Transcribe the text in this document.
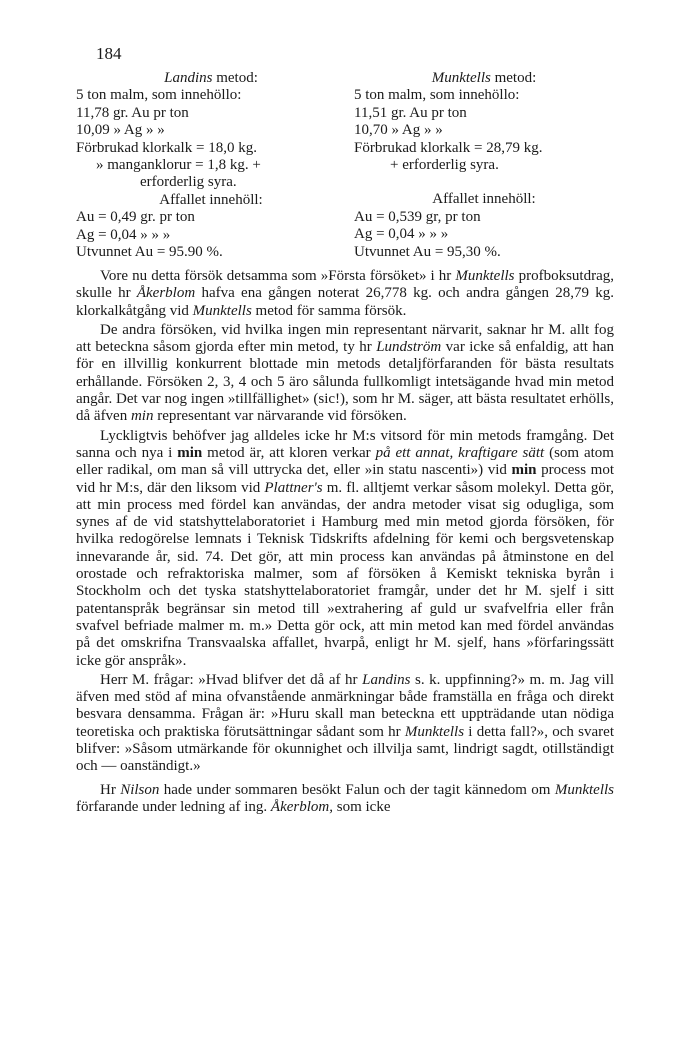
184
Landins metod:
5 ton malm, som innehöllo:
11,78 gr. Au pr ton
10,09 » Ag » »
Förbrukad klorkalk = 18,0 kg.
» manganklorur = 1,8 kg. +
erforderlig syra.
Affallet innehöll:
Au = 0,49 gr. pr ton
Ag = 0,04 » » »
Utvunnet Au = 95.90 %.
Munktells metod:
5 ton malm, som innehöllo:
11,51 gr. Au pr ton
10,70 » Ag » »
Förbrukad klorkalk = 28,79 kg.
+ erforderlig syra.
Affallet innehöll:
Au = 0,539 gr, pr ton
Ag = 0,04 » » »
Utvunnet Au = 95,30 %.

Vore nu detta försök detsamma som »Första försöket» i hr Munktells profboksutdrag, skulle hr Åkerblom hafva ena gången noterat 26,778 kg. och andra gången 28,79 kg. klorkalkåtgång vid Munktells metod för samma försök.

De andra försöken, vid hvilka ingen min representant närvarit, saknar hr M. allt fog att beteckna såsom gjorda efter min metod, ty hr Lundström var icke så enfaldig, att han för en illvillig konkurrent blottade min metods detaljförfaranden för bästa resultats erhållande. Försöken 2, 3, 4 och 5 äro sålunda fullkomligt intetsägande hvad min metod angår. Det var nog ingen »tillfällighet» (sic!), som hr M. säger, att bästa resultatet erhölls, då äfven min representant var närvarande vid försöken.

Lyckligtvis behöfver jag alldeles icke hr M:s vitsord för min metods framgång. Det sanna och nya i min metod är, att kloren verkar på ett annat, kraftigare sätt (som atom eller radikal, om man så vill uttrycka det, eller »in statu nascenti») vid min process mot vid hr M:s, där den liksom vid Plattner's m. fl. alltjemt verkar såsom molekyl. Detta gör, att min process med fördel kan användas, der andra metoder visat sig odugliga, som synes af de vid statshyttelaboratoriet i Hamburg med min metod gjorda försöken, för hvilka redogörelse lemnats i Teknisk Tidskrifts afdelning för kemi och bergsvetenskap innevarande år, sid. 74. Det gör, att min process kan användas på åtminstone en del orostade och refraktoriska malmer, som af försöken å Kemiskt tekniska byrån i Stockholm och det tyska statshyttelaboratoriet framgår, under det hr M. sjelf i sitt patentanspråk begränsar sin metod till »extrahering af guld ur svafvelfria eller från svafvel befriade malmer m. m.» Detta gör ock, att min metod kan med fördel användas på det omskrifna Transvaalska affallet, hvarpå, enligt hr M. sjelf, hans »förfaringssätt icke gör anspråk».

Herr M. frågar: »Hvad blifver det då af hr Landins s. k. uppfinning?» m. m. Jag vill äfven med stöd af mina ofvanstående anmärkningar både framställa en fråga och direkt besvara densamma. Frågan är: »Huru skall man beteckna ett uppträdande utan nödiga teoretiska och praktiska förutsättningar sådant som hr Munktells i detta fall?», och svaret blifver: »Såsom utmärkande för okunnighet och illvilja samt, lindrigt sagdt, otillständigt och — oanständigt.»

Hr Nilson hade under sommaren besökt Falun och der tagit kännedom om Munktells förfarande under ledning af ing. Åkerblom, som icke
